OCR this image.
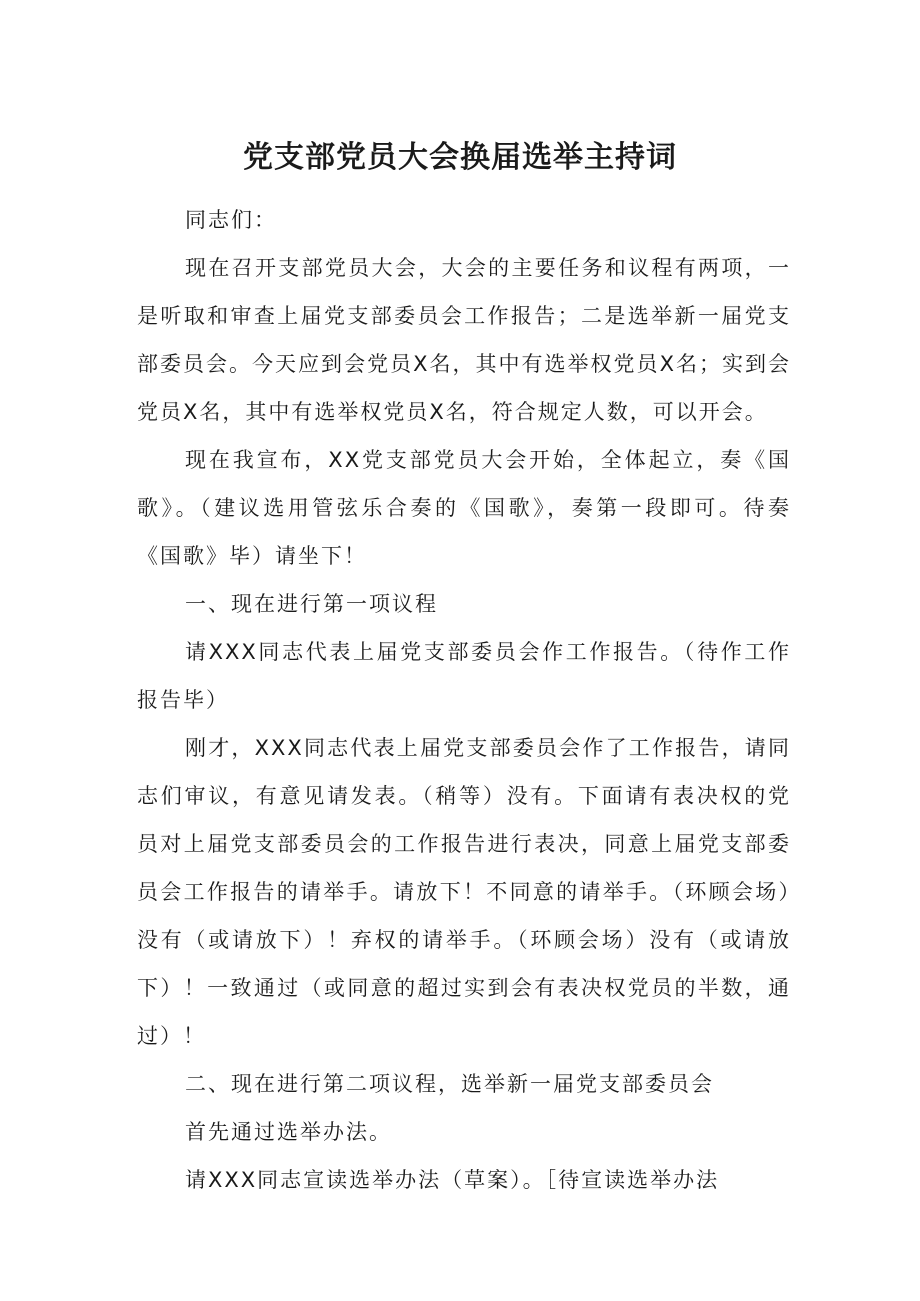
党支部党员大会换届选举主持词

同志们：

现在召开支部党员大会，大会的主要任务和议程有两项，一是听取和审查上届党支部委员会工作报告；二是选举新一届党支部委员会。今天应到会党员X名，其中有选举权党员X名；实到会党员X名，其中有选举权党员X名，符合规定人数，可以开会。

现在我宣布，XX党支部党员大会开始，全体起立，奏《国歌》。（建议选用管弦乐合奏的《国歌》，奏第一段即可。待奏《国歌》毕）请坐下！

一、现在进行第一项议程

请XXX同志代表上届党支部委员会作工作报告。（待作工作报告毕）

刚才，XXX同志代表上届党支部委员会作了工作报告，请同志们审议，有意见请发表。（稍等）没有。下面请有表决权的党员对上届党支部委员会的工作报告进行表决，同意上届党支部委员会工作报告的请举手。请放下！不同意的请举手。（环顾会场）没有（或请放下）！弃权的请举手。（环顾会场）没有（或请放下）！一致通过（或同意的超过实到会有表决权党员的半数，通过）！

二、现在进行第二项议程，选举新一届党支部委员会

首先通过选举办法。

请XXX同志宣读选举办法（草案）。［待宣读选举办法
